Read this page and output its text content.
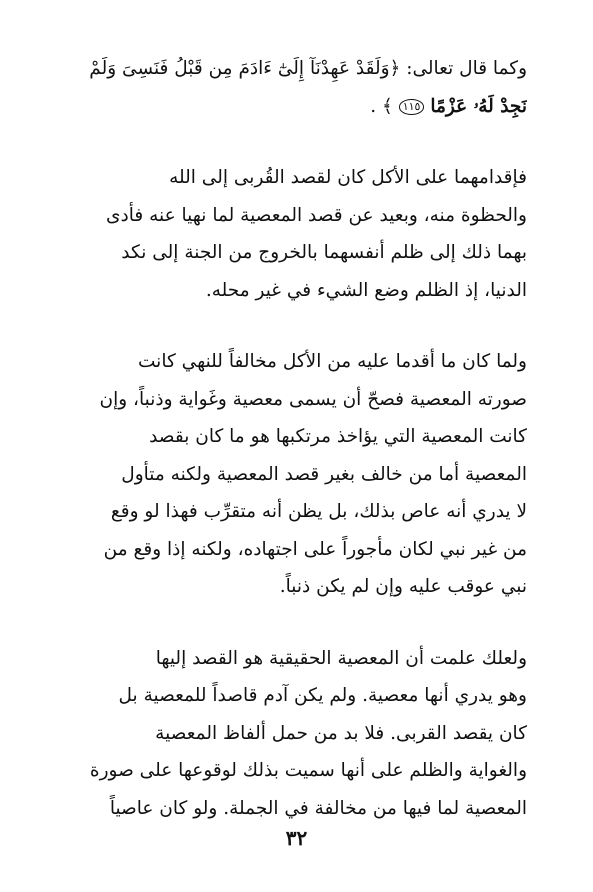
وكما قال تعالى: ﴿وَلَقَدْ عَهِدْنَآ إِلَىٰٓ ءَادَمَ مِن قَبْلُ فَنَسِىَ وَلَمْ
نَجِدْ لَهُۥ عَزْمًا ١١٥ ﴾ .
فإقدامهما على الأكل كان لقصد القُربى إلى الله
والحظوة منه، وبعيد عن قصد المعصية لما نهيا عنه فأدى
بهما ذلك إلى ظلم أنفسهما بالخروج من الجنة إلى نكد
الدنيا، إذ الظلم وضع الشيء في غير محله.
ولما كان ما أقدما عليه من الأكل مخالفاً للنهي كانت
صورته المعصية فصحّ أن يسمى معصية وغَواية وذنباً، وإن
كانت المعصية التي يؤاخذ مرتكبها هو ما كان بقصد
المعصية أما من خالف بغير قصد المعصية ولكنه متأول
لا يدري أنه عاص بذلك، بل يظن أنه متقرِّب فهذا لو وقع
من غير نبي لكان مأجوراً على اجتهاده، ولكنه إذا وقع من
نبي عوقب عليه وإن لم يكن ذنباً.
ولعلك علمت أن المعصية الحقيقية هو القصد إليها
وهو يدري أنها معصية. ولم يكن آدم قاصداً للمعصية بل
كان يقصد القربى. فلا بد من حمل ألفاظ المعصية
والغواية والظلم على أنها سميت بذلك لوقوعها على صورة
المعصية لما فيها من مخالفة في الجملة. ولو كان عاصياً
٣٢
